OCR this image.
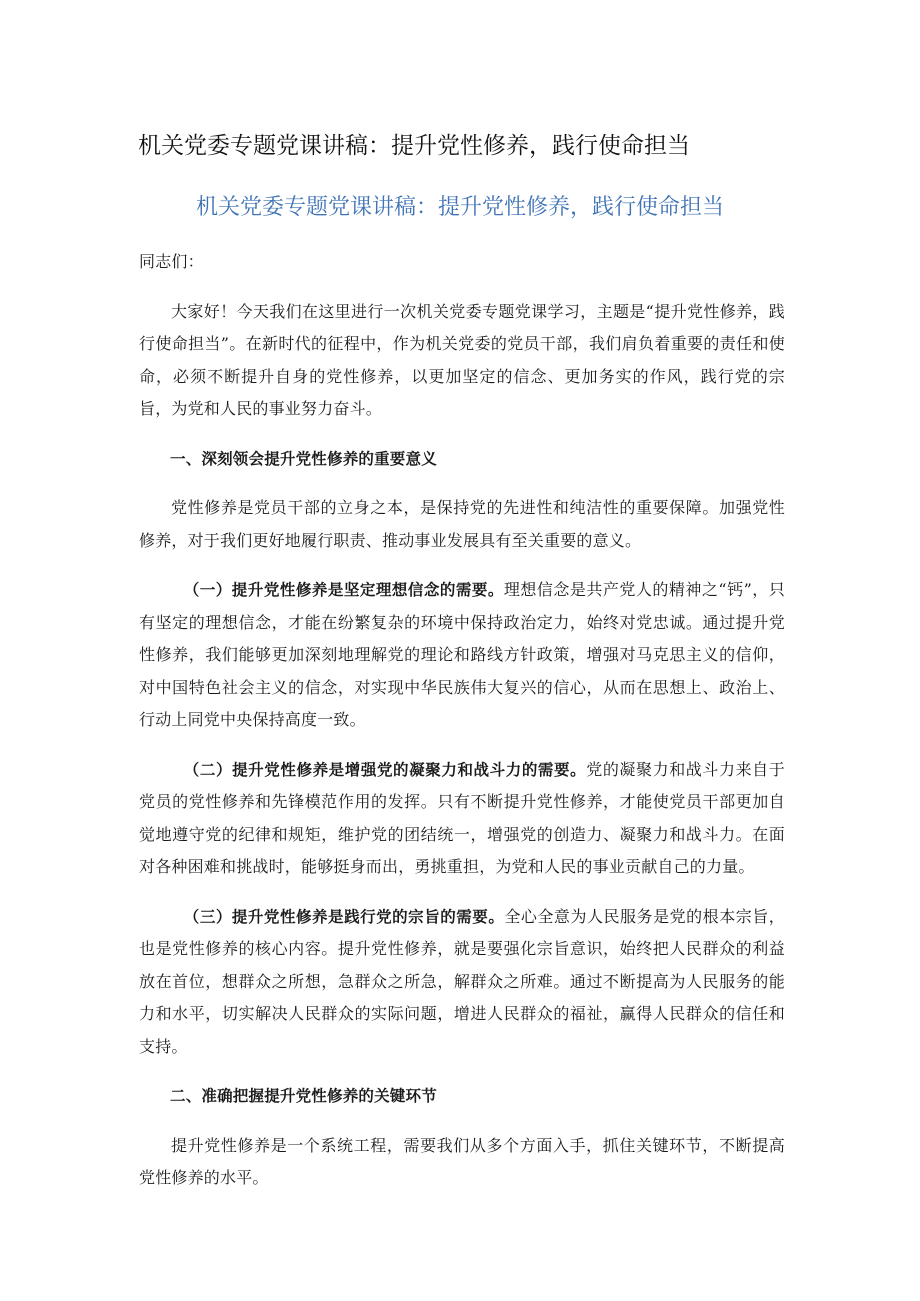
机关党委专题党课讲稿：提升党性修养，践行使命担当
机关党委专题党课讲稿：提升党性修养，践行使命担当

同志们：

大家好！今天我们在这里进行一次机关党委专题党课学习，主题是“提升党性修养，践行使命担当”。在新时代的征程中，作为机关党委的党员干部，我们肩负着重要的责任和使命，必须不断提升自身的党性修养，以更加坚定的信念、更加务实的作风，践行党的宗旨，为党和人民的事业努力奋斗。

一、深刻领会提升党性修养的重要意义

党性修养是党员干部的立身之本，是保持党的先进性和纯洁性的重要保障。加强党性修养，对于我们更好地履行职责、推动事业发展具有至关重要的意义。

（一）提升党性修养是坚定理想信念的需要。理想信念是共产党人的精神之“钙”，只有坚定的理想信念，才能在纷繁复杂的环境中保持政治定力，始终对党忠诚。通过提升党性修养，我们能够更加深刻地理解党的理论和路线方针政策，增强对马克思主义的信仰，对中国特色社会主义的信念，对实现中华民族伟大复兴的信心，从而在思想上、政治上、行动上同党中央保持高度一致。

（二）提升党性修养是增强党的凝聚力和战斗力的需要。党的凝聚力和战斗力来自于党员的党性修养和先锋模范作用的发挥。只有不断提升党性修养，才能使党员干部更加自觉地遵守党的纪律和规矩，维护党的团结统一，增强党的创造力、凝聚力和战斗力。在面对各种困难和挑战时，能够挺身而出，勇挑重担，为党和人民的事业贡献自己的力量。

（三）提升党性修养是践行党的宗旨的需要。全心全意为人民服务是党的根本宗旨，也是党性修养的核心内容。提升党性修养，就是要强化宗旨意识，始终把人民群众的利益放在首位，想群众之所想，急群众之所急，解群众之所难。通过不断提高为人民服务的能力和水平，切实解决人民群众的实际问题，增进人民群众的福祉，赢得人民群众的信任和支持。

二、准确把握提升党性修养的关键环节

提升党性修养是一个系统工程，需要我们从多个方面入手，抓住关键环节，不断提高党性修养的水平。
